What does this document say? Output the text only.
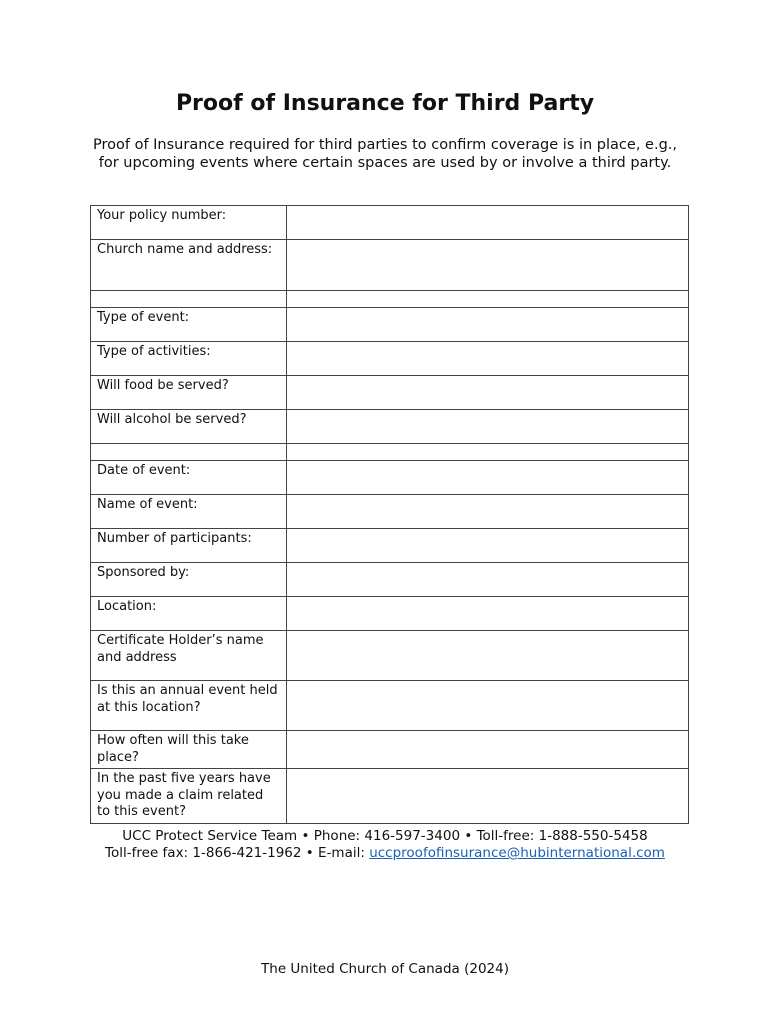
Proof of Insurance for Third Party

Proof of Insurance required for third parties to confirm coverage is in place, e.g., for upcoming events where certain spaces are used by or involve a third party.

Your policy number:	
Church name and address:	

Type of event:	
Type of activities:	
Will food be served?	
Will alcohol be served?	

Date of event:	
Name of event:	
Number of participants:	
Sponsored by:	
Location:	
Certificate Holder’s name and address	
Is this an annual event held at this location?	
How often will this take place?	
In the past five years have you made a claim related to this event?	
UCC Protect Service Team • Phone: 416-597-3400 • Toll-free: 1-888-550-5458
Toll-free fax: 1-866-421-1962 • E-mail: uccproofofinsurance@hubinternational.com
The United Church of Canada (2024)
